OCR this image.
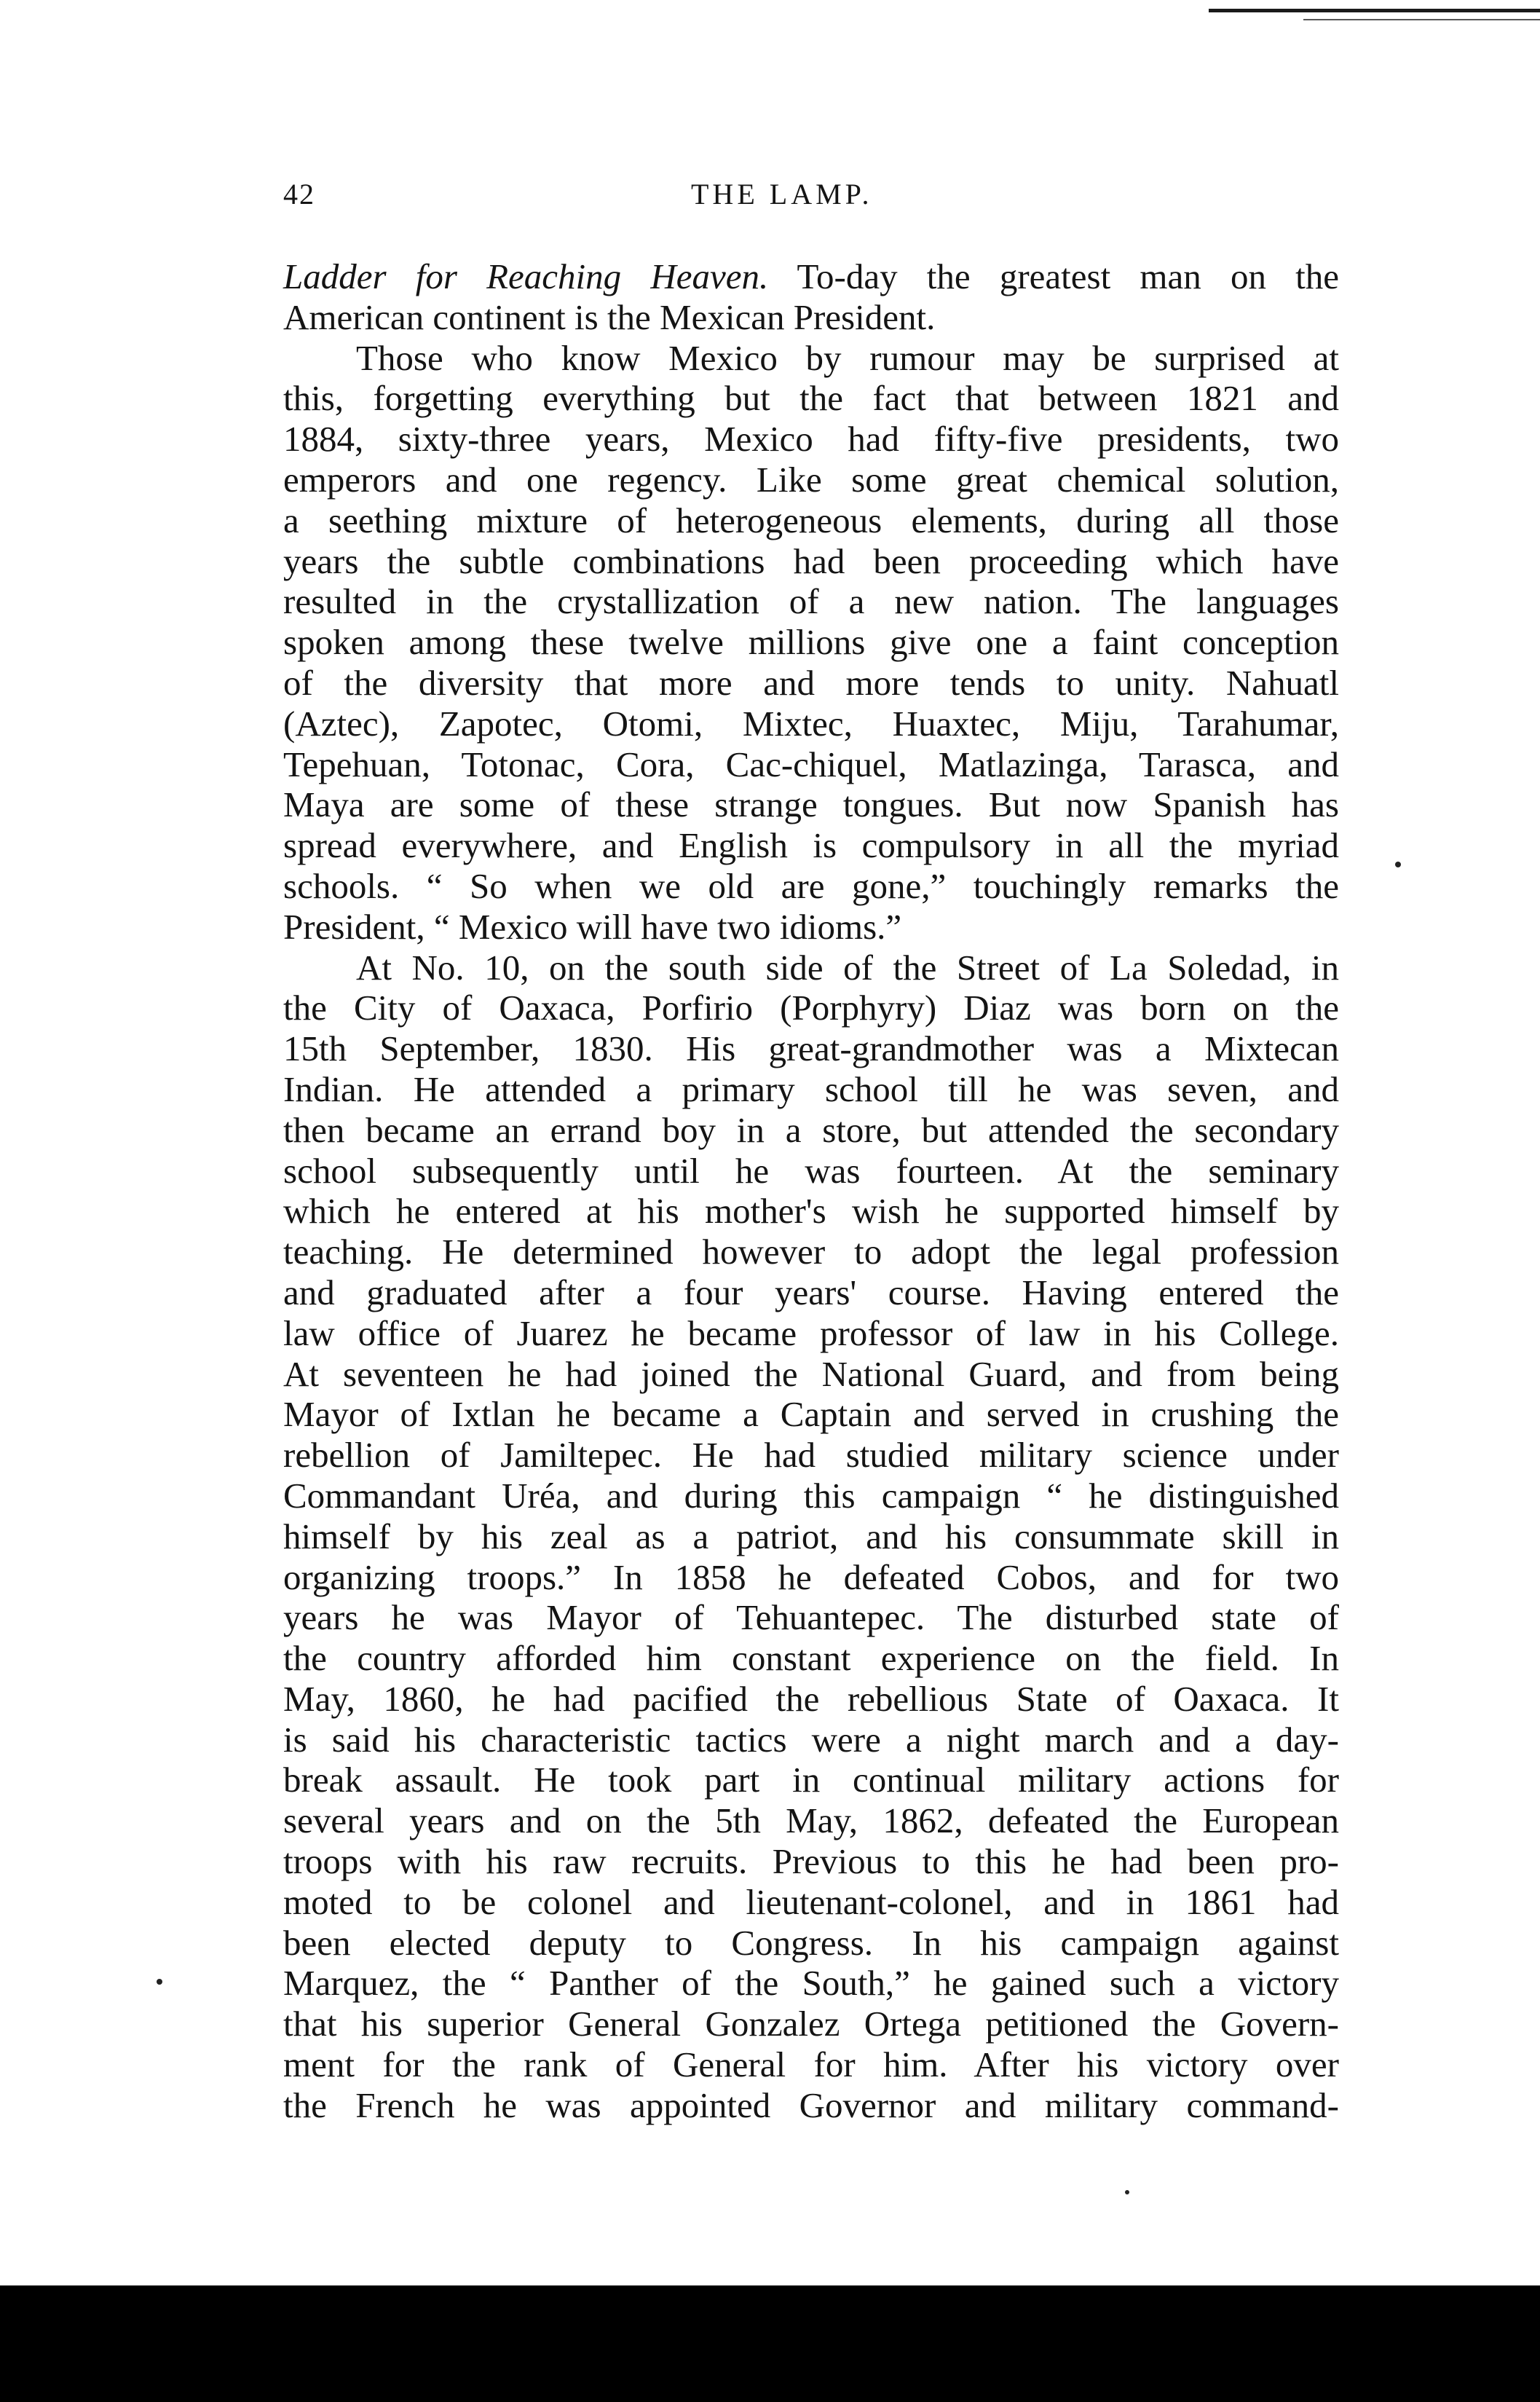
42	THE LAMP.
Ladder for Reaching Heaven. To-day the greatest man on the
American continent is the Mexican President.
Those who know Mexico by rumour may be surprised at
this, forgetting everything but the fact that between 1821 and
1884, sixty-three years, Mexico had fifty-five presidents, two
emperors and one regency. Like some great chemical solution,
a seething mixture of heterogeneous elements, during all those
years the subtle combinations had been proceeding which have
resulted in the crystallization of a new nation. The languages
spoken among these twelve millions give one a faint conception
of the diversity that more and more tends to unity. Nahuatl
(Aztec), Zapotec, Otomi, Mixtec, Huaxtec, Miju, Tarahumar,
Tepehuan, Totonac, Cora, Cac-chiquel, Matlazinga, Tarasca, and
Maya are some of these strange tongues. But now Spanish has
spread everywhere, and English is compulsory in all the myriad
schools. “ So when we old are gone,” touchingly remarks the
President, “ Mexico will have two idioms.”
At No. 10, on the south side of the Street of La Soledad, in
the City of Oaxaca, Porfirio (Porphyry) Diaz was born on the
15th September, 1830. His great-grandmother was a Mixtecan
Indian. He attended a primary school till he was seven, and
then became an errand boy in a store, but attended the secondary
school subsequently until he was fourteen. At the seminary
which he entered at his mother's wish he supported himself by
teaching. He determined however to adopt the legal profession
and graduated after a four years' course. Having entered the
law office of Juarez he became professor of law in his College.
At seventeen he had joined the National Guard, and from being
Mayor of Ixtlan he became a Captain and served in crushing the
rebellion of Jamiltepec. He had studied military science under
Commandant Uréa, and during this campaign “ he distinguished
himself by his zeal as a patriot, and his consummate skill in
organizing troops.” In 1858 he defeated Cobos, and for two
years he was Mayor of Tehuantepec. The disturbed state of
the country afforded him constant experience on the field. In
May, 1860, he had pacified the rebellious State of Oaxaca. It
is said his characteristic tactics were a night march and a day-
break assault. He took part in continual military actions for
several years and on the 5th May, 1862, defeated the European
troops with his raw recruits. Previous to this he had been pro-
moted to be colonel and lieutenant-colonel, and in 1861 had
been elected deputy to Congress. In his campaign against
Marquez, the “ Panther of the South,” he gained such a victory
that his superior General Gonzalez Ortega petitioned the Govern-
ment for the rank of General for him. After his victory over
the French he was appointed Governor and military command-
